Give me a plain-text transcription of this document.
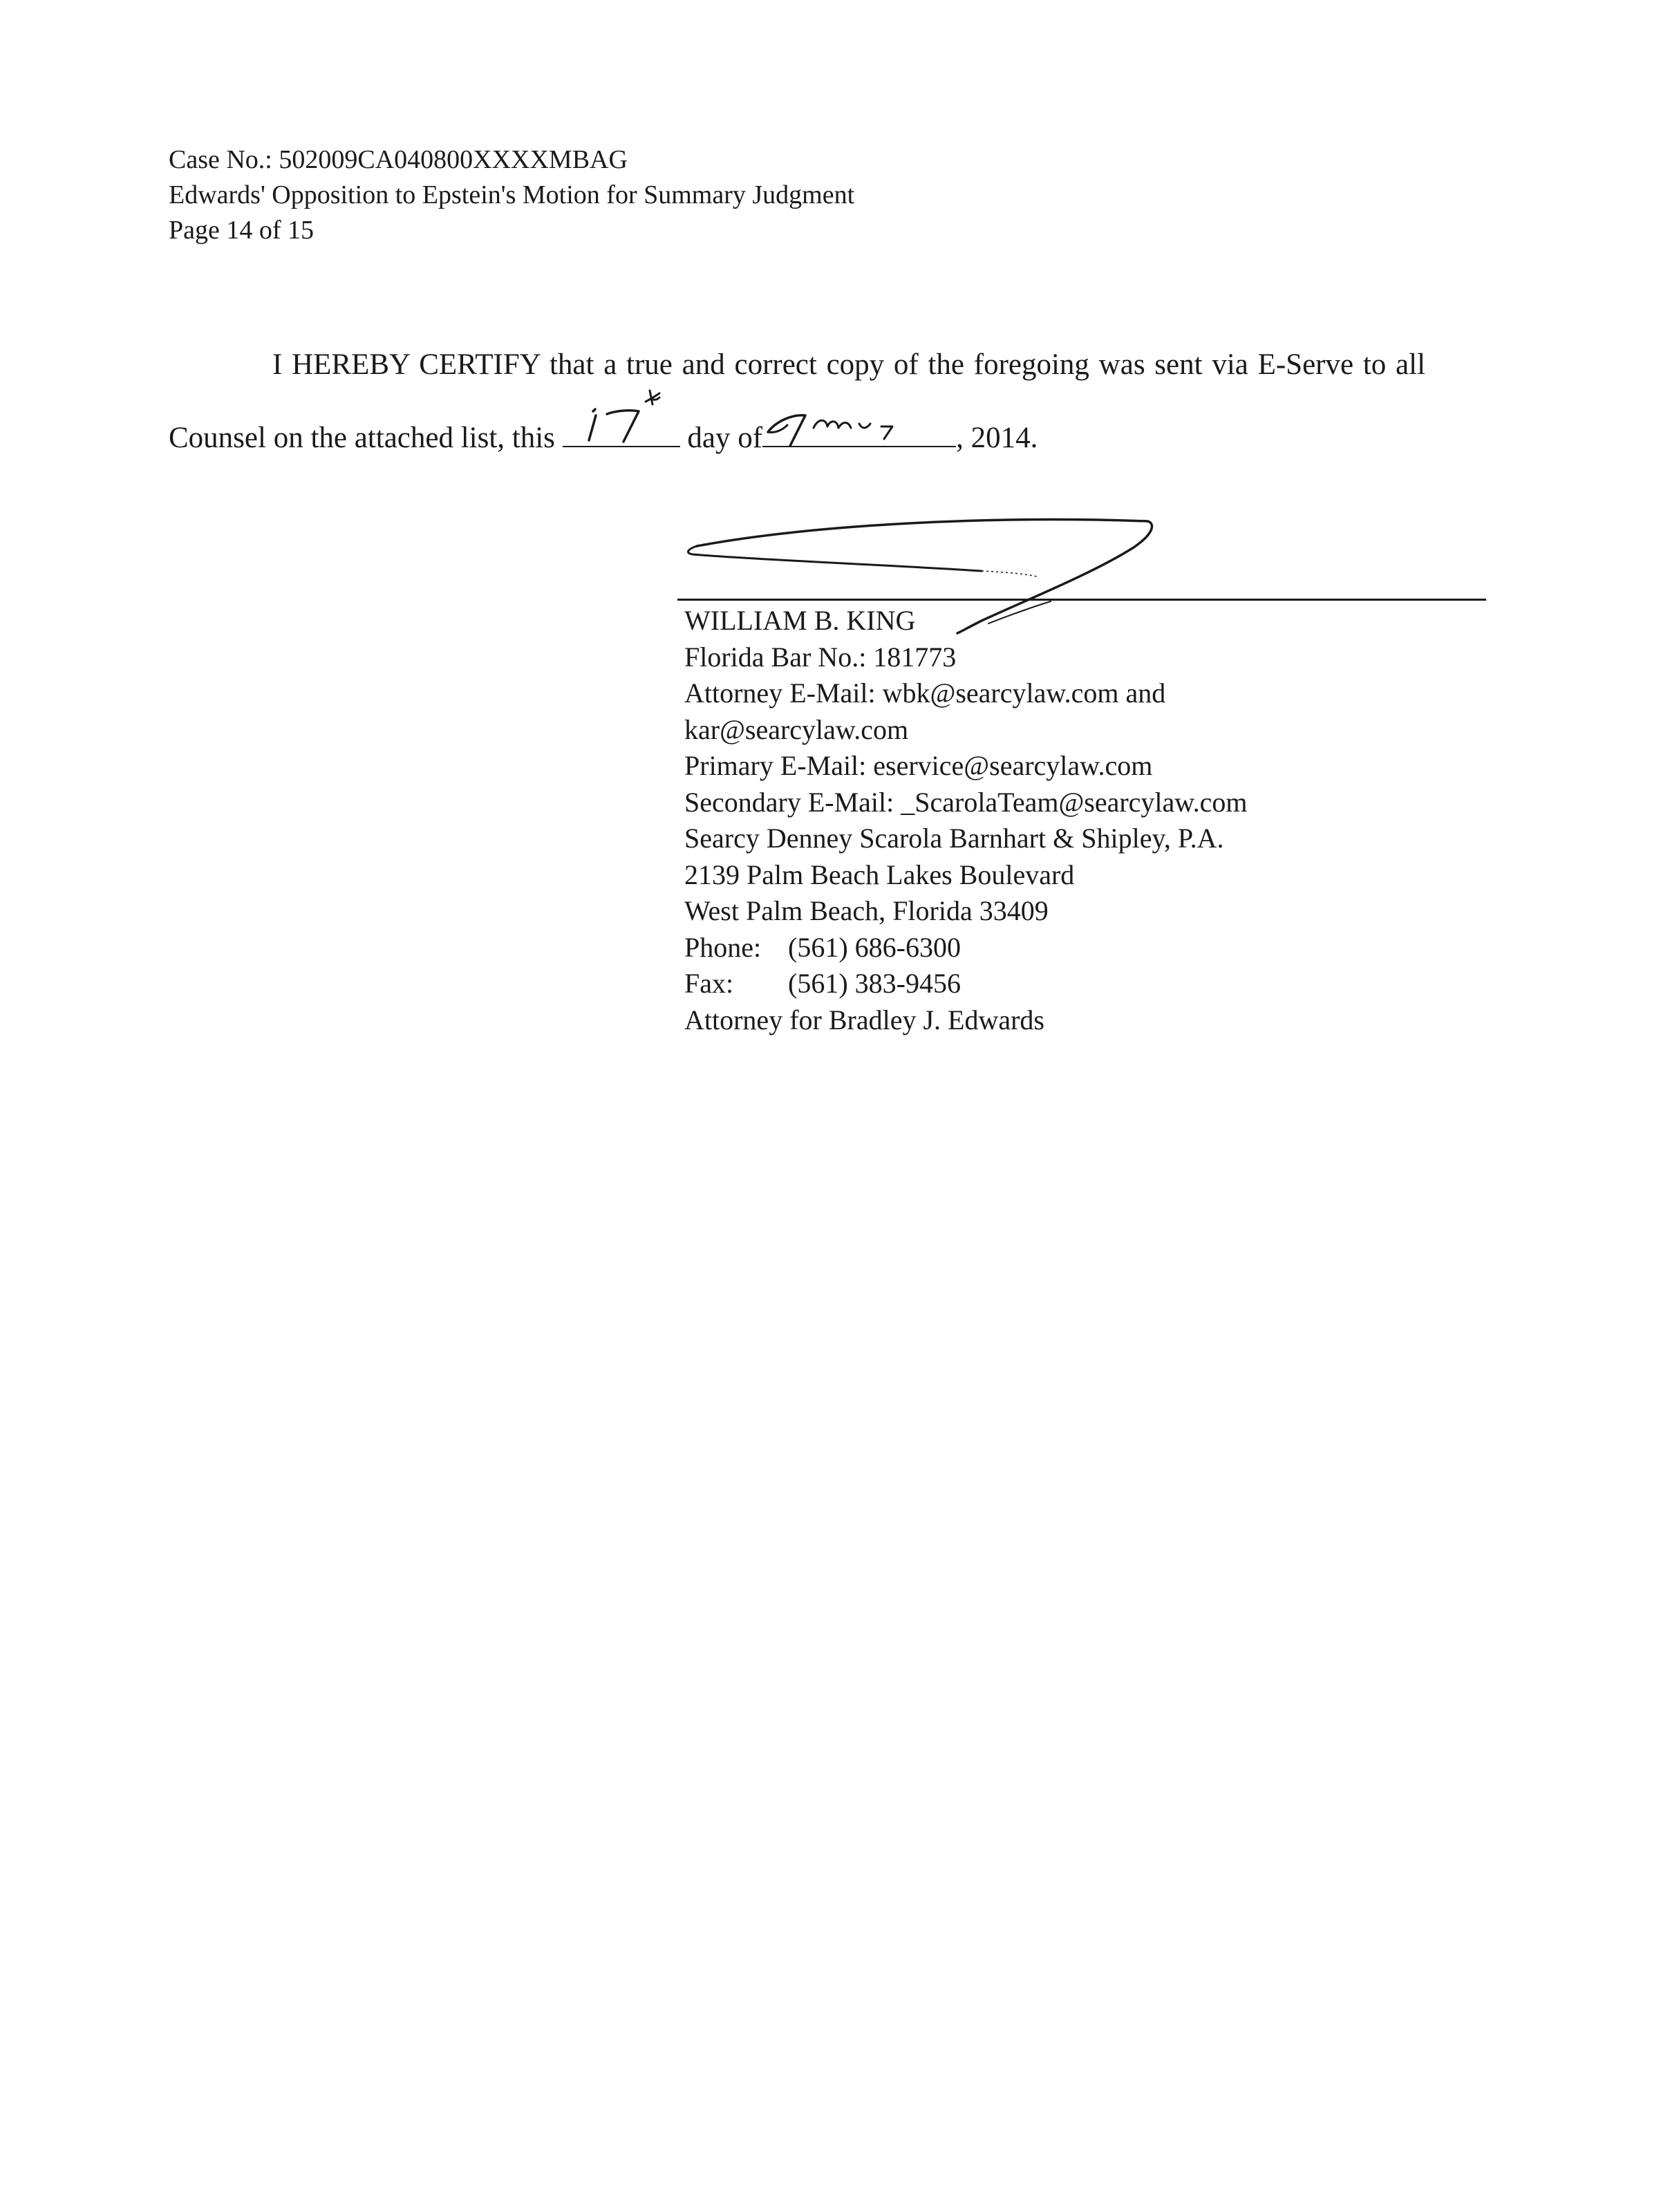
Case No.: 502009CA040800XXXXMBAG
Edwards' Opposition to Epstein's Motion for Summary Judgment
Page 14 of 15
I HEREBY CERTIFY that a true and correct copy of the foregoing was sent via E-Serve to all
Counsel on the attached list, this	day of	, 2014.
WILLIAM B. KING
Florida Bar No.: 181773
Attorney E-Mail: wbk@searcylaw.com and
kar@searcylaw.com
Primary E-Mail: eservice@searcylaw.com
Secondary E-Mail: _ScarolaTeam@searcylaw.com
Searcy Denney Scarola Barnhart & Shipley, P.A.
2139 Palm Beach Lakes Boulevard
West Palm Beach, Florida 33409
Phone: (561) 686-6300
Fax: (561) 383-9456
Attorney for Bradley J. Edwards
